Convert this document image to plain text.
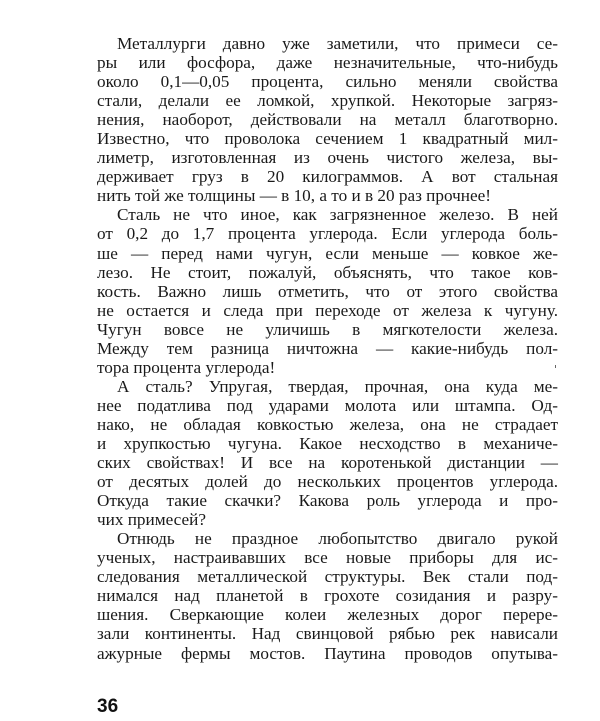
Металлурги давно уже заметили, что примеси се-
ры или фосфора, даже незначительные, что-нибудь
около 0,1—0,05 процента, сильно меняли свойства
стали, делали ее ломкой, хрупкой. Некоторые загряз-
нения, наоборот, действовали на металл благотворно.
Известно, что проволока сечением 1 квадратный мил-
лиметр, изготовленная из очень чистого железа, вы-
держивает груз в 20 килограммов. А вот стальная
нить той же толщины — в 10, а то и в 20 раз прочнее!
Сталь не что иное, как загрязненное железо. В ней
от 0,2 до 1,7 процента углерода. Если углерода боль-
ше — перед нами чугун, если меньше — ковкое же-
лезо. Не стоит, пожалуй, объяснять, что такое ков-
кость. Важно лишь отметить, что от этого свойства
не остается и следа при переходе от железа к чугуну.
Чугун вовсе не уличишь в мягкотелости железа.
Между тем разница ничтожна — какие-нибудь пол-
тора процента углерода!
А сталь? Упругая, твердая, прочная, она куда ме-
нее податлива под ударами молота или штампа. Од-
нако, не обладая ковкостью железа, она не страдает
и хрупкостью чугуна. Какое несходство в механиче-
ских свойствах! И все на коротенькой дистанции —
от десятых долей до нескольких процентов углерода.
Откуда такие скачки? Какова роль углерода и про-
чих примесей?
Отнюдь не праздное любопытство двигало рукой
ученых, настраивавших все новые приборы для ис-
следования металлической структуры. Век стали под-
нимался над планетой в грохоте созидания и разру-
шения. Сверкающие колеи железных дорог перере-
зали континенты. Над свинцовой рябью рек нависали
ажурные фермы мостов. Паутина проводов опутыва-
36
